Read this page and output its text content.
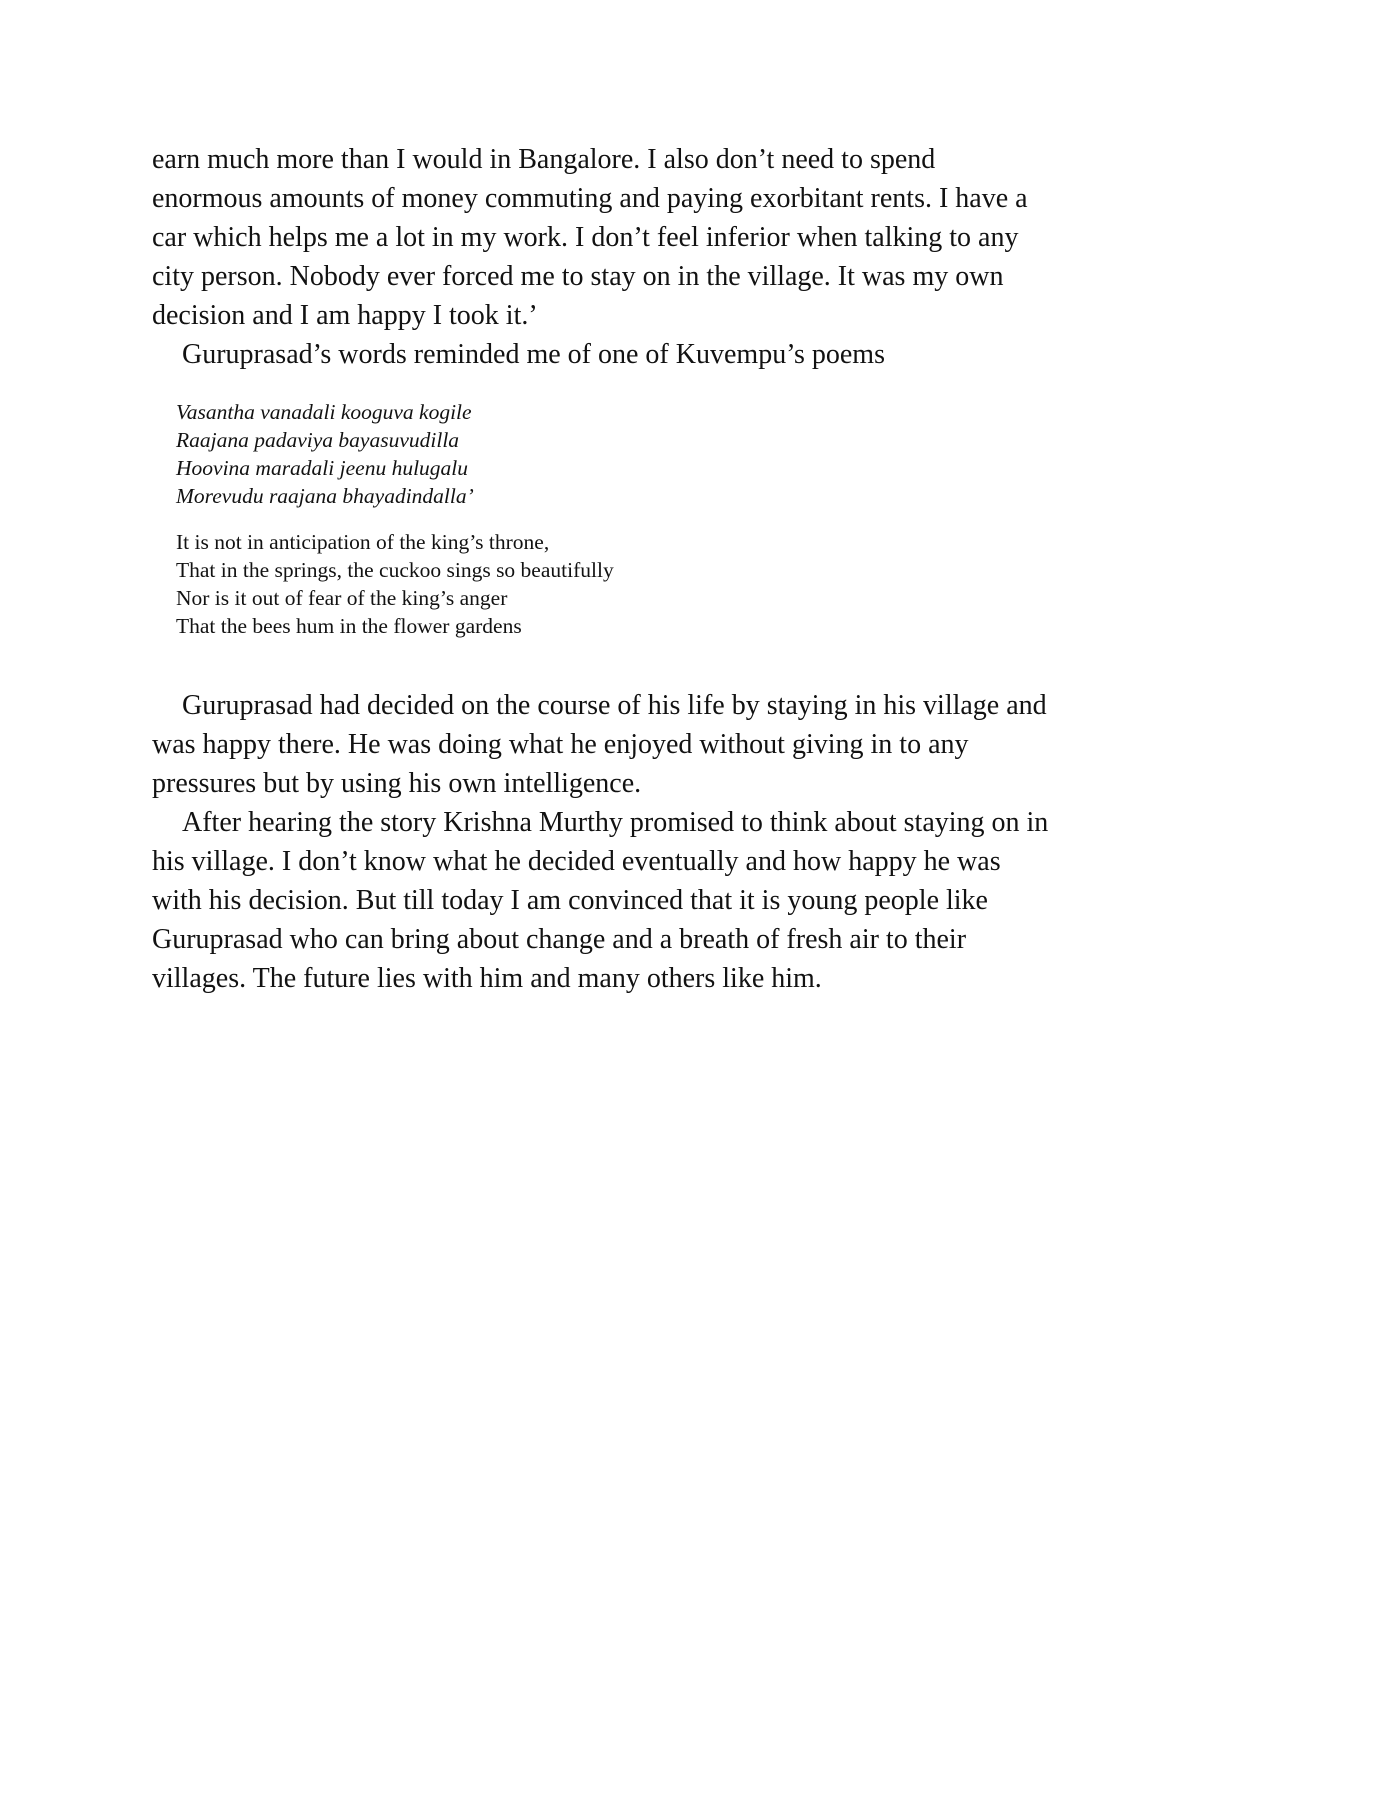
earn much more than I would in Bangalore. I also don’t need to spend enormous amounts of money commuting and paying exorbitant rents. I have a car which helps me a lot in my work. I don’t feel inferior when talking to any city person. Nobody ever forced me to stay on in the village. It was my own decision and I am happy I took it.’

Guruprasad’s words reminded me of one of Kuvempu’s poems

Vasantha vanadali kooguva kogile
Raajana padaviya bayasuvudilla
Hoovina maradali jeenu hulugalu
Morevudu raajana bhayadindalla’
It is not in anticipation of the king’s throne,
That in the springs, the cuckoo sings so beautifully
Nor is it out of fear of the king’s anger
That the bees hum in the flower gardens

Guruprasad had decided on the course of his life by staying in his village and was happy there. He was doing what he enjoyed without giving in to any pressures but by using his own intelligence.

After hearing the story Krishna Murthy promised to think about staying on in his village. I don’t know what he decided eventually and how happy he was with his decision. But till today I am convinced that it is young people like Guruprasad who can bring about change and a breath of fresh air to their villages. The future lies with him and many others like him.
